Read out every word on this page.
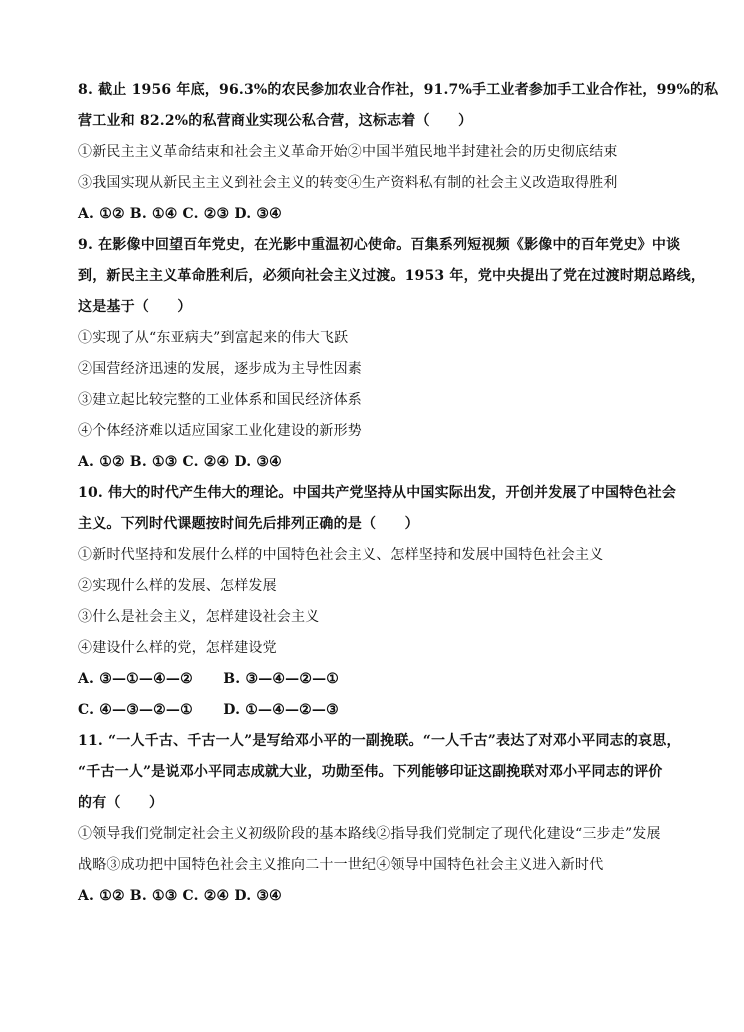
8. 截止 1956 年底，96.3%的农民参加农业合作社，91.7%手工业者参加手工业合作社，99%的私
营工业和 82.2%的私营商业实现公私合营，这标志着（　　）
①新民主主义革命结束和社会主义革命开始②中国半殖民地半封建社会的历史彻底结束
③我国实现从新民主主义到社会主义的转变④生产资料私有制的社会主义改造取得胜利
A. ①② B. ①④ C. ②③ D. ③④
9. 在影像中回望百年党史，在光影中重温初心使命。百集系列短视频《影像中的百年党史》中谈
到，新民主主义革命胜利后，必须向社会主义过渡。1953 年，党中央提出了党在过渡时期总路线，
这是基于（　　）
①实现了从“东亚病夫”到富起来的伟大飞跃
②国营经济迅速的发展，逐步成为主导性因素
③建立起比较完整的工业体系和国民经济体系
④个体经济难以适应国家工业化建设的新形势
A. ①② B. ①③ C. ②④ D. ③④
10. 伟大的时代产生伟大的理论。中国共产党坚持从中国实际出发，开创并发展了中国特色社会
主义。下列时代课题按时间先后排列正确的是（　　）
①新时代坚持和发展什么样的中国特色社会主义、怎样坚持和发展中国特色社会主义
②实现什么样的发展、怎样发展
③什么是社会主义，怎样建设社会主义
④建设什么样的党，怎样建设党
A. ③—①—④—②      B. ③—④—②—①
C. ④—③—②—①      D. ①—④—②—③
11. “一人千古、千古一人”是写给邓小平的一副挽联。“一人千古”表达了对邓小平同志的哀思，
“千古一人”是说邓小平同志成就大业，功勋至伟。下列能够印证这副挽联对邓小平同志的评价
的有（　　）
①领导我们党制定社会主义初级阶段的基本路线②指导我们党制定了现代化建设“三步走”发展
战略③成功把中国特色社会主义推向二十一世纪④领导中国特色社会主义进入新时代
A. ①② B. ①③ C. ②④ D. ③④
